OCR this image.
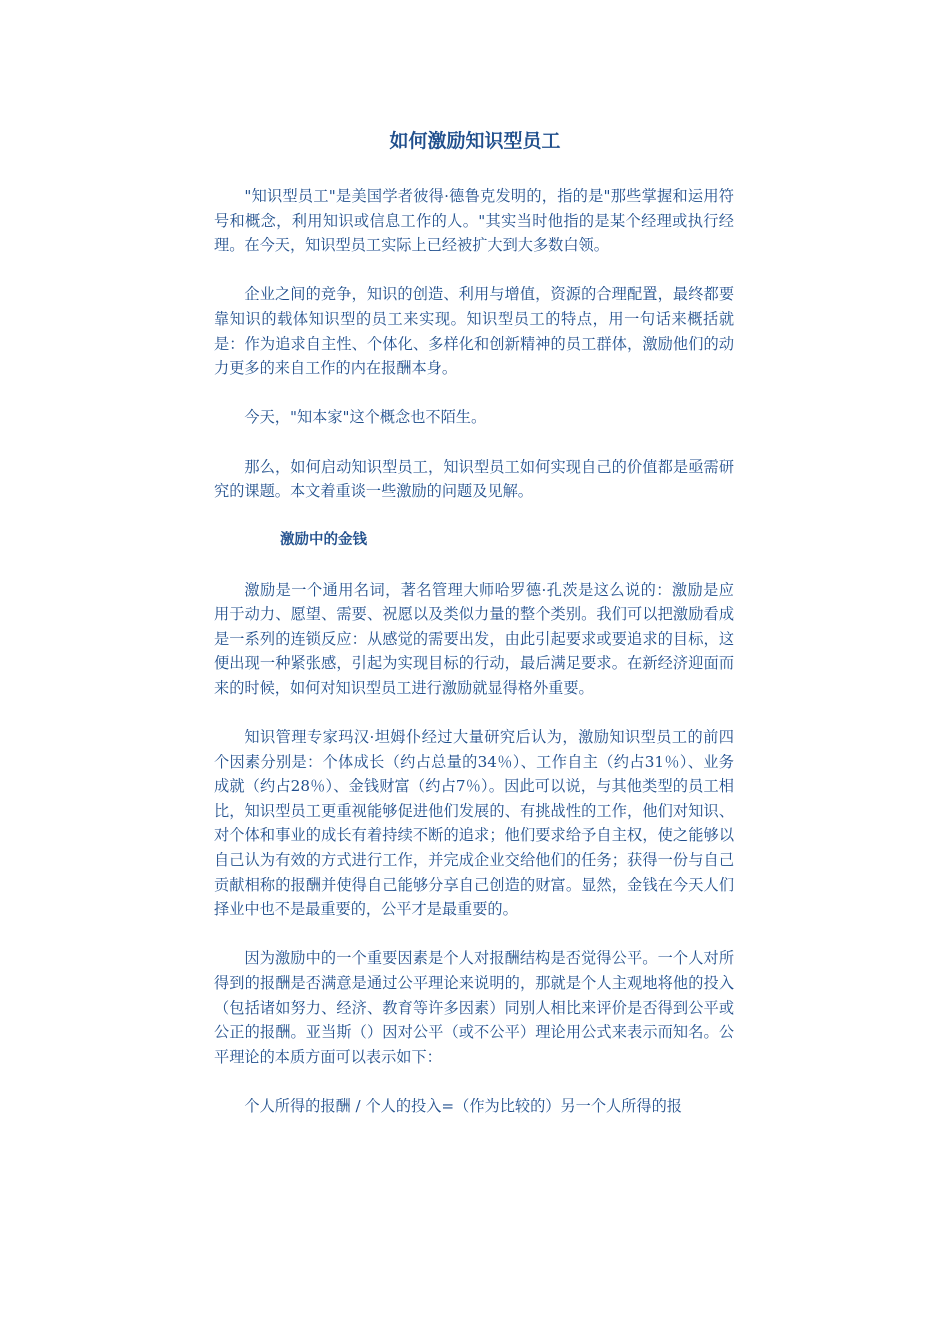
如何激励知识型员工

"知识型员工"是美国学者彼得·德鲁克发明的，指的是"那些掌握和运用符号和概念，利用知识或信息工作的人。"其实当时他指的是某个经理或执行经理。在今天，知识型员工实际上已经被扩大到大多数白领。

企业之间的竞争，知识的创造、利用与增值，资源的合理配置，最终都要靠知识的载体知识型的员工来实现。知识型员工的特点，用一句话来概括就是：作为追求自主性、个体化、多样化和创新精神的员工群体，激励他们的动力更多的来自工作的内在报酬本身。

今天，"知本家"这个概念也不陌生。

那么，如何启动知识型员工，知识型员工如何实现自己的价值都是亟需研究的课题。本文着重谈一些激励的问题及见解。

激励中的金钱

激励是一个通用名词，著名管理大师哈罗德·孔茨是这么说的：激励是应用于动力、愿望、需要、祝愿以及类似力量的整个类别。我们可以把激励看成是一系列的连锁反应：从感觉的需要出发，由此引起要求或要追求的目标，这便出现一种紧张感，引起为实现目标的行动，最后满足要求。在新经济迎面而来的时候，如何对知识型员工进行激励就显得格外重要。

知识管理专家玛汉·坦姆仆经过大量研究后认为，激励知识型员工的前四个因素分别是：个体成长（约占总量的34％）、工作自主（约占31％）、业务成就（约占28％）、金钱财富（约占7％）。因此可以说，与其他类型的员工相比，知识型员工更重视能够促进他们发展的、有挑战性的工作，他们对知识、对个体和事业的成长有着持续不断的追求；他们要求给予自主权，使之能够以自己认为有效的方式进行工作，并完成企业交给他们的任务；获得一份与自己贡献相称的报酬并使得自己能够分享自己创造的财富。显然，金钱在今天人们择业中也不是最重要的，公平才是最重要的。

因为激励中的一个重要因素是个人对报酬结构是否觉得公平。一个人对所得到的报酬是否满意是通过公平理论来说明的，那就是个人主观地将他的投入（包括诸如努力、经济、教育等许多因素）同别人相比来评价是否得到公平或公正的报酬。亚当斯（）因对公平（或不公平）理论用公式来表示而知名。公平理论的本质方面可以表示如下：

个人所得的报酬 / 个人的投入=（作为比较的）另一个人所得的报
